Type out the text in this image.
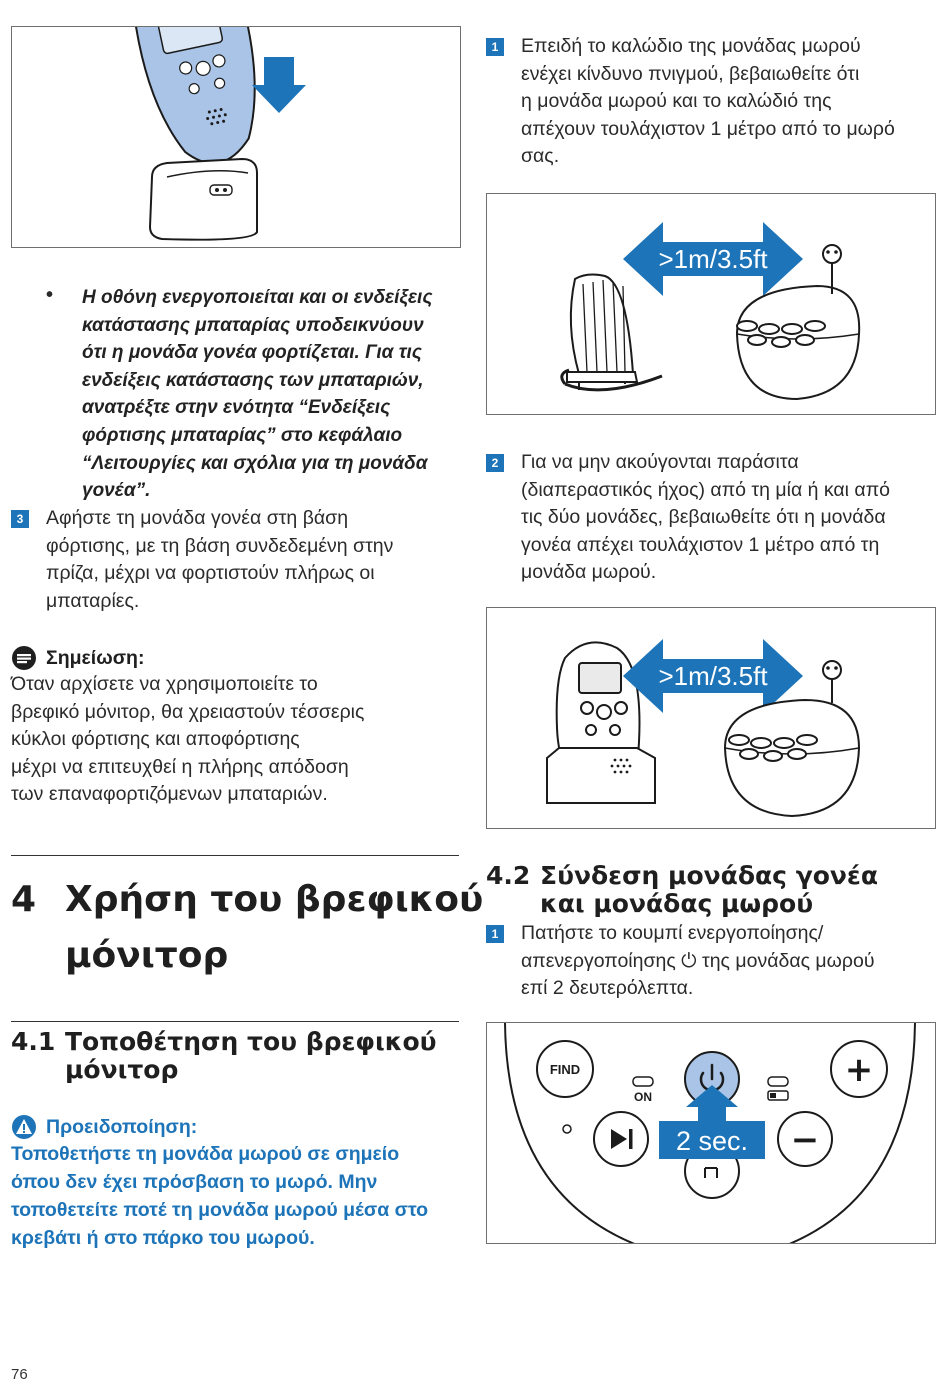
• Η οθόνη ενεργοποιείται και οι ενδείξεις
κατάστασης μπαταρίας υποδεικνύουν
ότι η μονάδα γονέα φορτίζεται. Για τις
ενδείξεις κατάστασης των μπαταριών,
ανατρέξτε στην ενότητα “Ενδείξεις
φόρτισης μπαταρίας” στο κεφάλαιο
“Λειτουργίες και σχόλια για τη μονάδα
γονέα”.
3 Αφήστε τη μονάδα γονέα στη βάση
φόρτισης, με τη βάση συνδεδεμένη στην
πρίζα, μέχρι να φορτιστούν πλήρως οι
μπαταρίες.
Σημείωση:
Όταν αρχίσετε να χρησιμοποιείτε το
βρεφικό μόνιτορ, θα χρειαστούν τέσσερις
κύκλοι φόρτισης και αποφόρτισης
μέχρι να επιτευχθεί η πλήρης απόδοση
των επαναφορτιζόμενων μπαταριών.
4 Χρήση του βρεφικού
μόνιτορ
4.1 Τοποθέτηση του βρεφικού
μόνιτορ
Προειδοποίηση:
Τοποθετήστε τη μονάδα μωρού σε σημείο
όπου δεν έχει πρόσβαση το μωρό. Μην
τοποθετείτε ποτέ τη μονάδα μωρού μέσα στο
κρεβάτι ή στο πάρκο του μωρού.
76
1 Επειδή το καλώδιο της μονάδας μωρού
ενέχει κίνδυνο πνιγμού, βεβαιωθείτε ότι
η μονάδα μωρού και το καλώδιό της
απέχουν τουλάχιστον 1 μέτρο από το μωρό
σας.
>1m/3.5ft
2 Για να μην ακούγονται παράσιτα
(διαπεραστικός ήχος) από τη μία ή και από
τις δύο μονάδες, βεβαιωθείτε ότι η μονάδα
γονέα απέχει τουλάχιστον 1 μέτρο από τη
μονάδα μωρού.
>1m/3.5ft
4.2 Σύνδεση μονάδας γονέα
και μονάδας μωρού
1 Πατήστε το κουμπί ενεργοποίησης/
απενεργοποίησης ⏻ της μονάδας μωρού
επί 2 δευτερόλεπτα.
FIND
ON
+
2 sec. −
